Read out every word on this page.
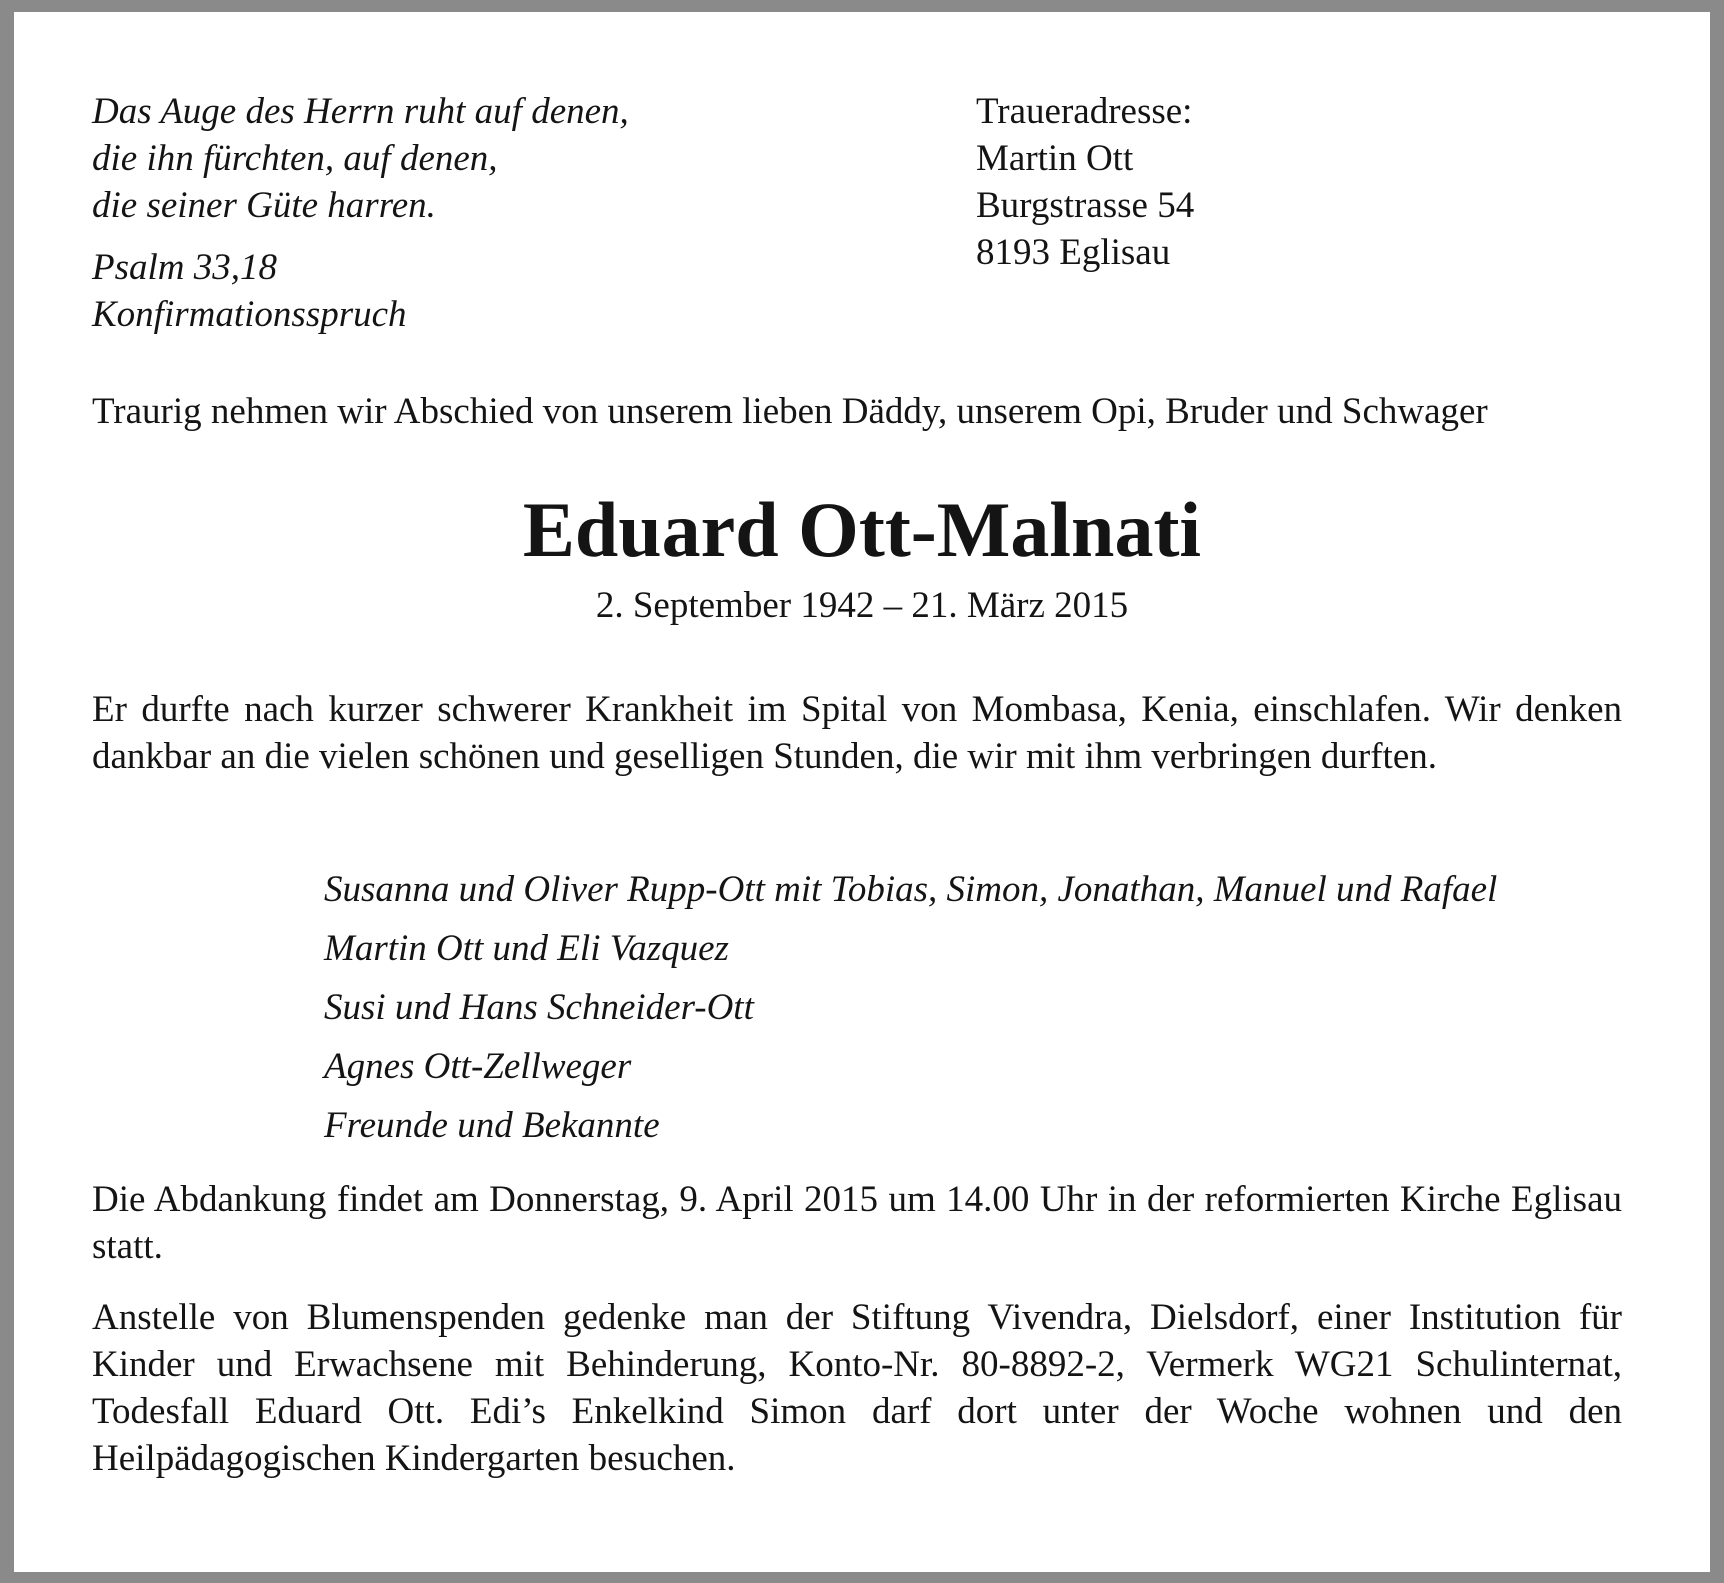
Das Auge des Herrn ruht auf denen,
die ihn fürchten, auf denen,
die seiner Güte harren.
Psalm 33,18
Konfirmationsspruch
Traueradresse:
Martin Ott
Burgstrasse 54
8193 Eglisau
Traurig nehmen wir Abschied von unserem lieben Däddy, unserem Opi, Bruder und Schwager
Eduard Ott-Malnati
2. September 1942 – 21. März 2015
Er durfte nach kurzer schwerer Krankheit im Spital von Mombasa, Kenia, einschlafen. Wir denken dankbar an die vielen schönen und geselligen Stunden, die wir mit ihm verbringen durften.
Susanna und Oliver Rupp-Ott mit Tobias, Simon, Jonathan, Manuel und Rafael
Martin Ott und Eli Vazquez
Susi und Hans Schneider-Ott
Agnes Ott-Zellweger
Freunde und Bekannte
Die Abdankung findet am Donnerstag, 9. April 2015 um 14.00 Uhr in der reformierten Kirche Eglisau statt.
Anstelle von Blumenspenden gedenke man der Stiftung Vivendra, Dielsdorf, einer Institution für Kinder und Erwachsene mit Behinderung, Konto-Nr. 80-8892-2, Vermerk WG21 Schulinternat, Todesfall Eduard Ott. Edi’s Enkelkind Simon darf dort unter der Woche wohnen und den Heilpädagogischen Kindergarten besuchen.
